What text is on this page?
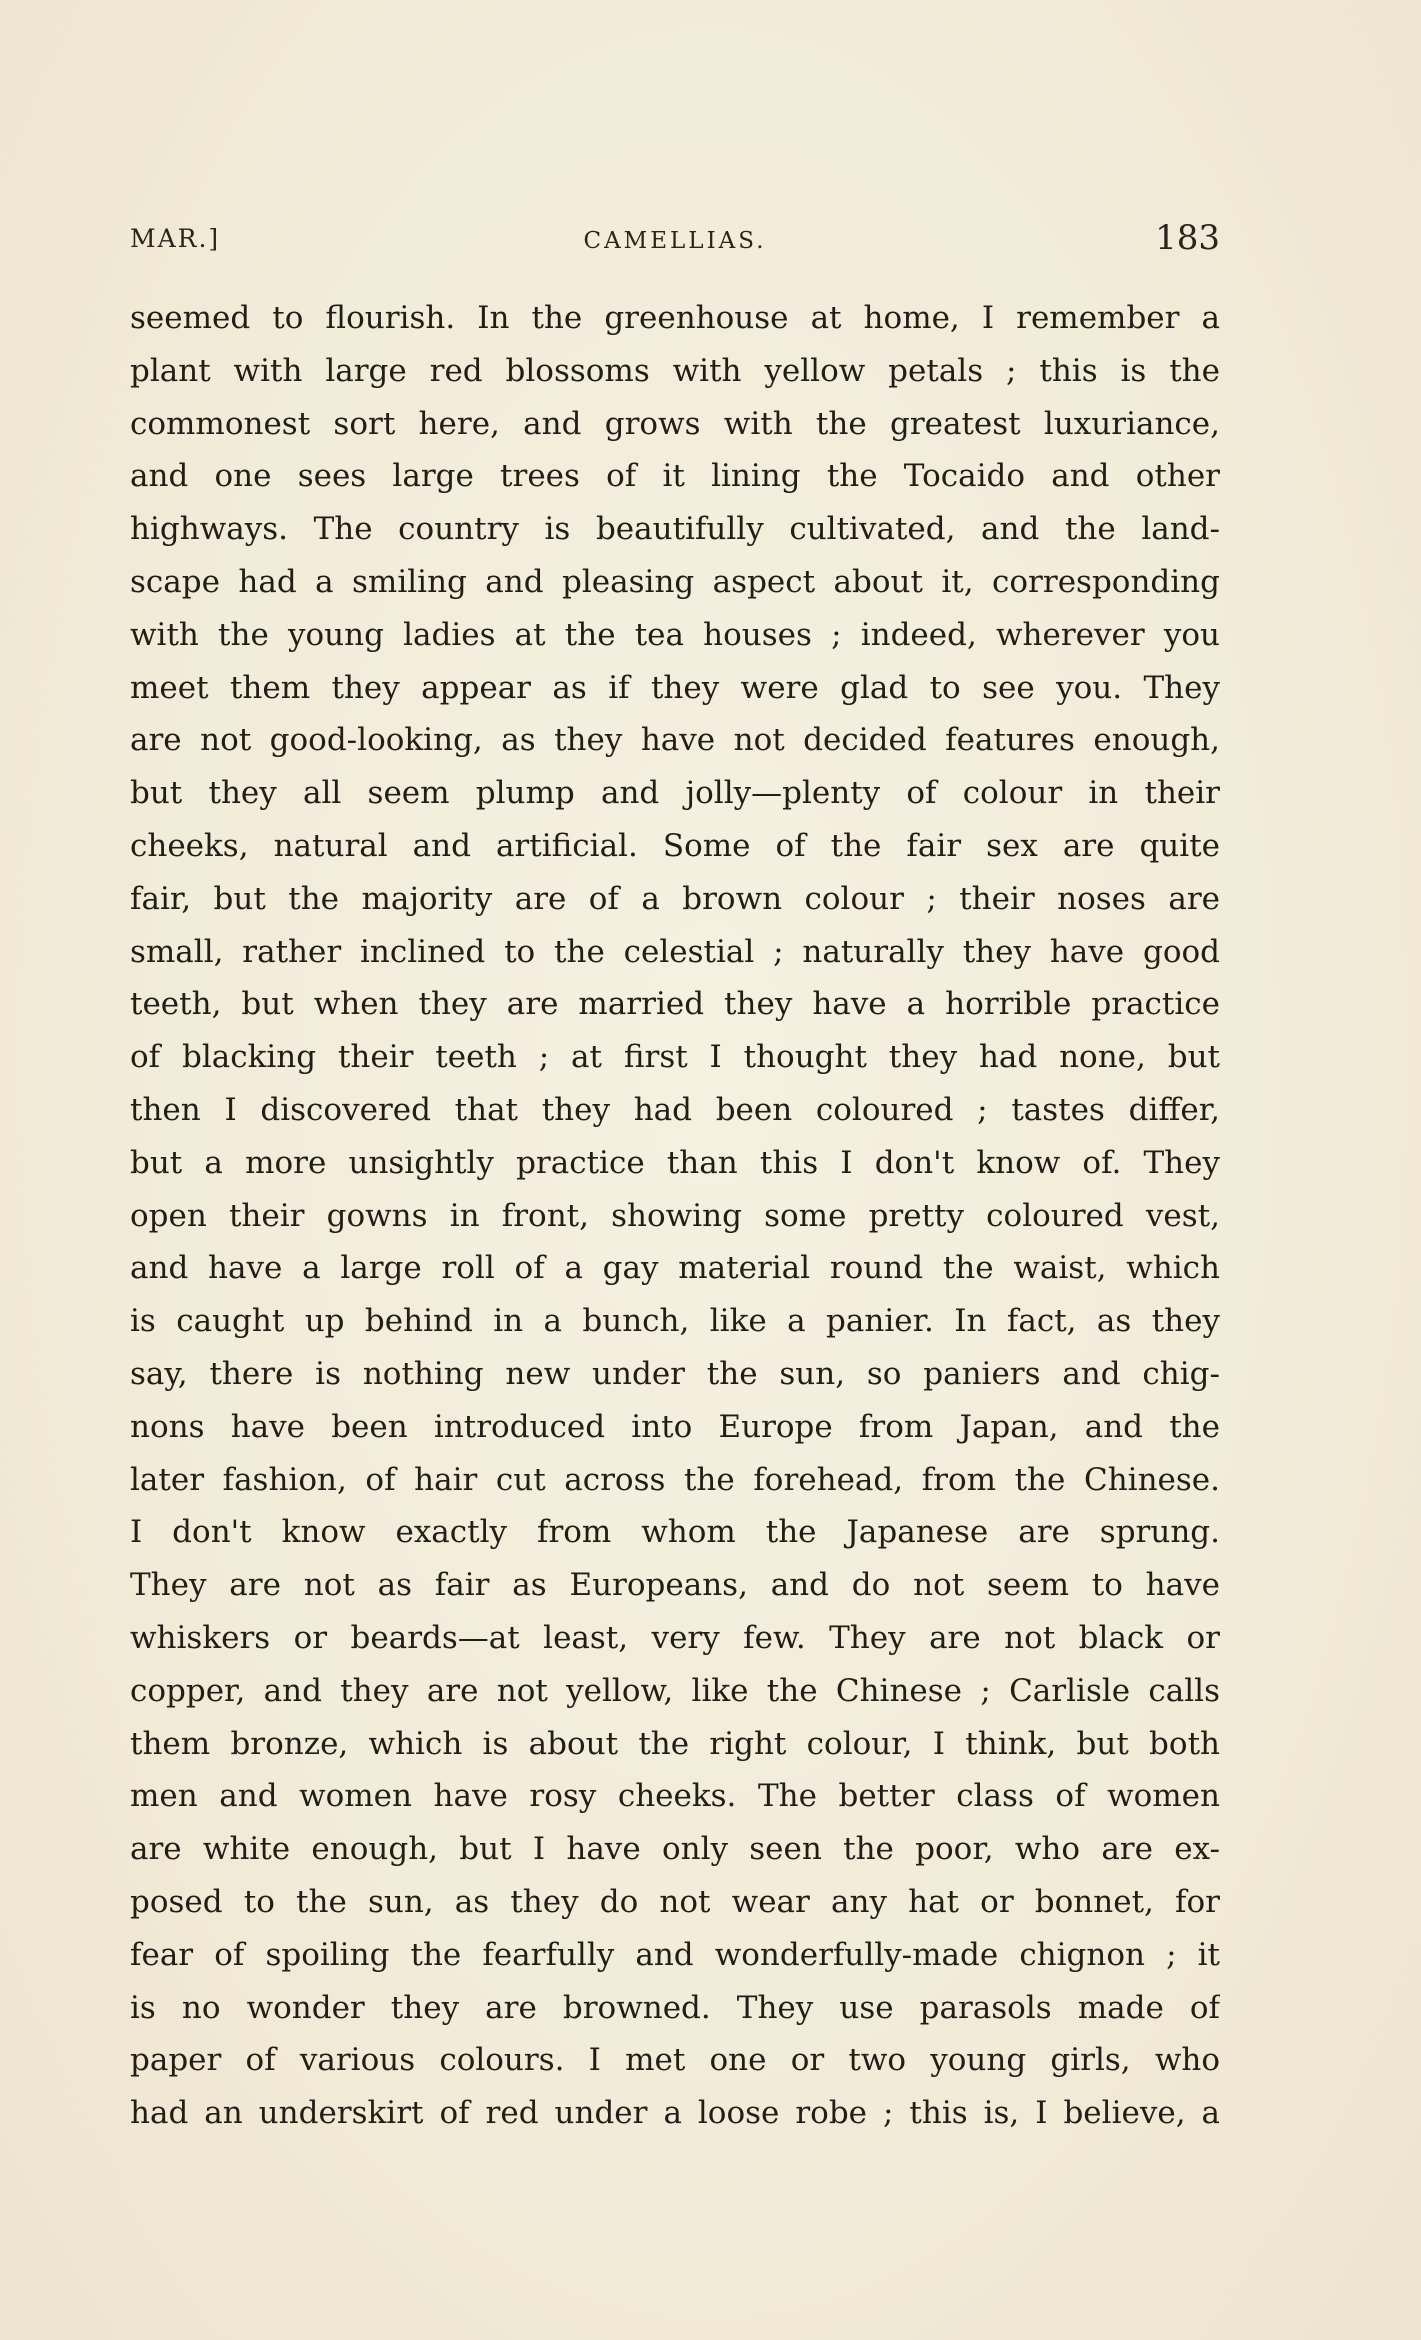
MAR.]	CAMELLIAS.	183
seemed to flourish. In the greenhouse at home, I remember a
plant with large red blossoms with yellow petals ; this is the
commonest sort here, and grows with the greatest luxuriance,
and one sees large trees of it lining the Tocaido and other
highways. The country is beautifully cultivated, and the land-
scape had a smiling and pleasing aspect about it, corresponding
with the young ladies at the tea houses ; indeed, wherever you
meet them they appear as if they were glad to see you. They
are not good-looking, as they have not decided features enough,
but they all seem plump and jolly—plenty of colour in their
cheeks, natural and artificial. Some of the fair sex are quite
fair, but the majority are of a brown colour ; their noses are
small, rather inclined to the celestial ; naturally they have good
teeth, but when they are married they have a horrible practice
of blacking their teeth ; at first I thought they had none, but
then I discovered that they had been coloured ; tastes differ,
but a more unsightly practice than this I don't know of. They
open their gowns in front, showing some pretty coloured vest,
and have a large roll of a gay material round the waist, which
is caught up behind in a bunch, like a panier. In fact, as they
say, there is nothing new under the sun, so paniers and chig-
nons have been introduced into Europe from Japan, and the
later fashion, of hair cut across the forehead, from the Chinese.
I don't know exactly from whom the Japanese are sprung.
They are not as fair as Europeans, and do not seem to have
whiskers or beards—at least, very few. They are not black or
copper, and they are not yellow, like the Chinese ; Carlisle calls
them bronze, which is about the right colour, I think, but both
men and women have rosy cheeks. The better class of women
are white enough, but I have only seen the poor, who are ex-
posed to the sun, as they do not wear any hat or bonnet, for
fear of spoiling the fearfully and wonderfully-made chignon ; it
is no wonder they are browned. They use parasols made of
paper of various colours. I met one or two young girls, who
had an underskirt of red under a loose robe ; this is, I believe, a
